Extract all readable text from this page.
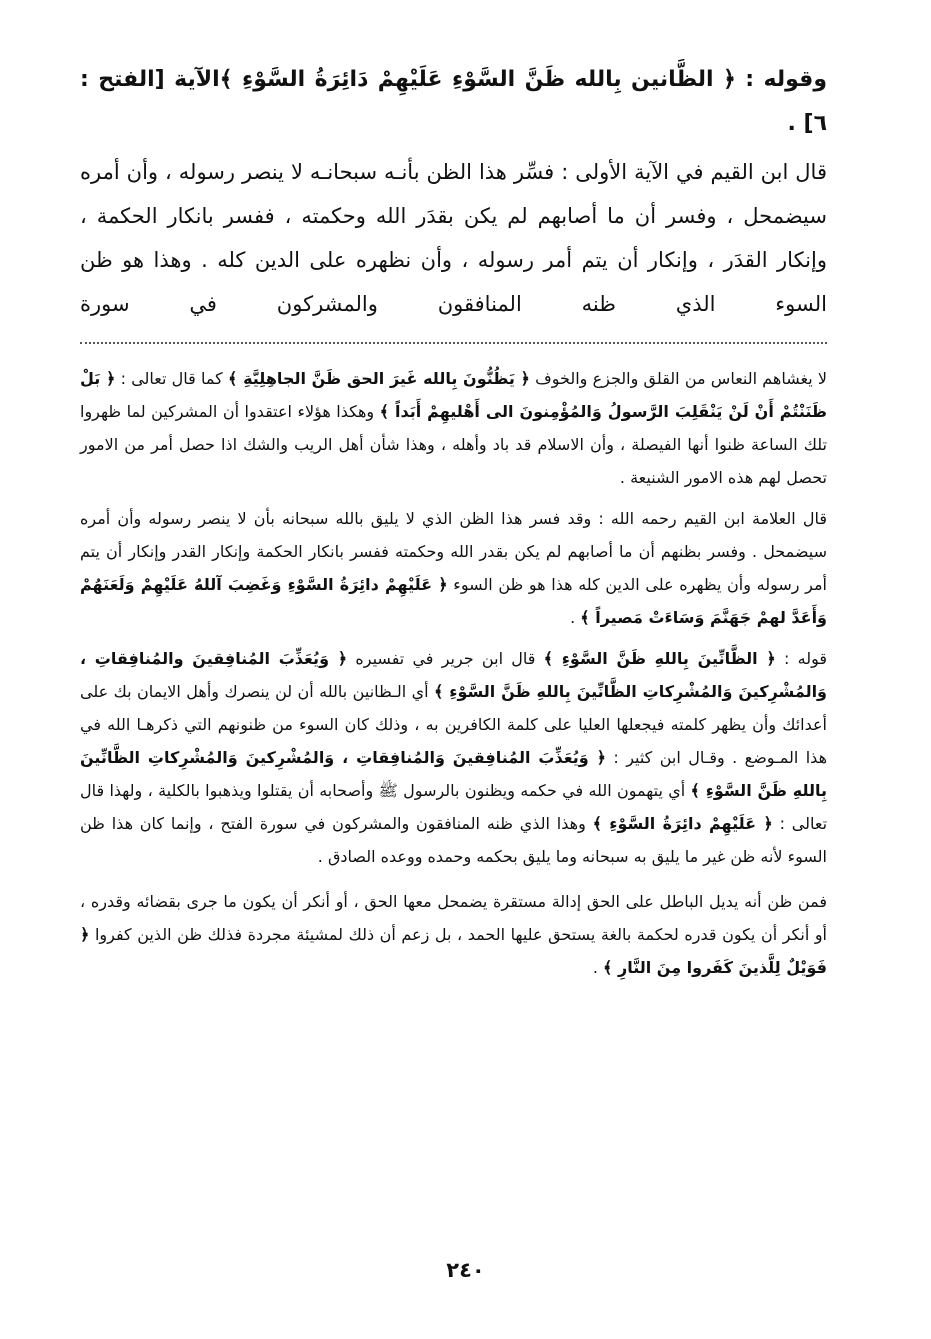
وقوله : ﴿ الظَّانين بِالله ظَنَّ السَّوْءِ عَلَيْهِمْ دَائِرَةُ السَّوْءِ ﴾الآية [الفتح : ٦] .

قال ابن القيم في الآية الأولى : فسِّر هذا الظن بأنـه سبحانـه لا ينصر رسوله ، وأن أمره سيضمحل ، وفسر أن ما أصابهم لم يكن بقدَر الله وحكمته ، ففسر بانكار الحكمة ، وإنكار القدَر ، وإنكار أن يتم أمر رسوله ، وأن نظهره على الدين كله . وهذا هو ظن السوء الذي ظنه المنافقون والمشركون في سورة

لا يغشاهم النعاس من القلق والجزع والخوف ﴿ يَظُنُّونَ بِالله غَيرَ الحق ظَنَّ الجاهِلِيَّةِ ﴾ كما قال تعالى : ﴿ بَلْ ظَنَنْتُمْ أَنْ لَنْ يَنْقَلِبَ الرَّسولُ وَالمُؤْمِنونَ الى أَهْليهِمْ أَبَداً ﴾ وهكذا هؤلاء اعتقدوا أن المشركين لما ظهروا تلك الساعة ظنوا أنها الفيصلة ، وأن الاسلام قد باد وأهله ، وهذا شأن أهل الريب والشك اذا حصل أمر من الامور تحصل لهم هذه الامور الشنيعة .

قال العلامة ابن القيم رحمه الله : وقد فسر هذا الظن الذي لا يليق بالله سبحانه بأن لا ينصر رسوله وأن أمره سيضمحل . وفسر بظنهم أن ما أصابهم لم يكن بقدر الله وحكمته ففسر بانكار الحكمة وإنكار القدر وإنكار أن يتم أمر رسوله وأن يظهره على الدين كله هذا هو ظن السوء ﴿ عَلَيْهِمْ دائِرَةُ السَّوْءِ وَغَضِبَ آللهُ عَلَيْهِمْ وَلَعَنَهُمْ وَأَعَدَّ لهمْ جَهَنَّمَ وَسَاءَتْ مَصيراً ﴾ .

قوله : ﴿ الظَّانِّينَ بِاللهِ ظَنَّ السَّوْءِ ﴾ قال ابن جرير في تفسيره ﴿ وَيُعَذِّبَ المُنافِقينَ والمُنافِقاتِ ، وَالمُشْرِكينَ وَالمُشْرِكاتِ الظَّانِّينَ بِاللهِ ظَنَّ السَّوْءِ ﴾ أي الـظانين بالله أن لن ينصرك وأهل الايمان بك على أعدائك وأن يظهر كلمته فيجعلها العليا على كلمة الكافرين به ، وذلك كان السوء من ظنونهم التي ذكرهـا الله في هذا المـوضع . وقـال ابن كثير : ﴿ وَيُعَذِّبَ المُنافِقينَ وَالمُنافِقاتِ ، وَالمُشْرِكينَ وَالمُشْرِكاتِ الظَّانِّينَ بِاللهِ ظَنَّ السَّوْءِ ﴾ أي يتهمون الله في حكمه ويظنون بالرسول ﷺ وأصحابه أن يقتلوا ويذهبوا بالكلية ، ولهذا قال تعالى : ﴿ عَلَيْهِمْ دائِرَةُ السَّوْءِ ﴾ وهذا الذي ظنه المنافقون والمشركون في سورة الفتح ، وإنما كان هذا ظن السوء لأنه ظن غير ما يليق به سبحانه وما يليق بحكمه وحمده ووعده الصادق .

فمن ظن أنه يديل الباطل على الحق إدالة مستقرة يضمحل معها الحق ، أو أنكر أن يكون ما جرى بقضائه وقدره ، أو أنكر أن يكون قدره لحكمة بالغة يستحق عليها الحمد ، بل زعم أن ذلك لمشيئة مجردة فذلك ظن الذين كفروا ﴿ فَوَيْلٌ لِلَّذينَ كَفَروا مِنَ النَّارِ ﴾ .

٢٤٠
